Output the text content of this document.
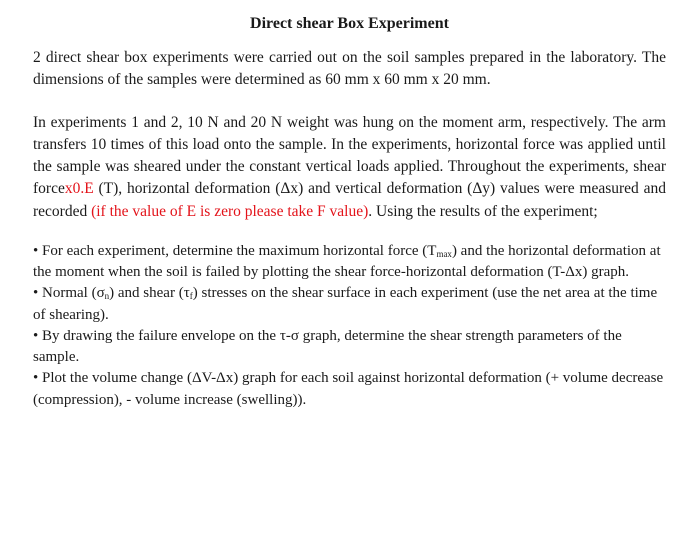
Direct shear Box Experiment

2 direct shear box experiments were carried out on the soil samples prepared in the laboratory. The dimensions of the samples were determined as 60 mm x 60 mm x 20 mm.

In experiments 1 and 2, 10 N and 20 N weight was hung on the moment arm, respectively. The arm transfers 10 times of this load onto the sample. In the experiments, horizontal force was applied until the sample was sheared under the constant vertical loads applied. Throughout the experiments, shear forcex0.E (T), horizontal deformation (Δx) and vertical deformation (Δy) values were measured and recorded (if the value of E is zero please take F value). Using the results of the experiment;

• For each experiment, determine the maximum horizontal force $(T_{max})$ and the horizontal deformation at the moment when the soil is failed by plotting the shear force-horizontal deformation (T-Δx) graph.
• Normal $(\sigma_n)$ and shear $(\tau_f)$ stresses on the shear surface in each experiment (use the net area at the time of shearing).
• By drawing the failure envelope on the τ-σ graph, determine the shear strength parameters of the sample.
• Plot the volume change (ΔV-Δx) graph for each soil against horizontal deformation (+ volume decrease (compression), - volume increase (swelling)).
